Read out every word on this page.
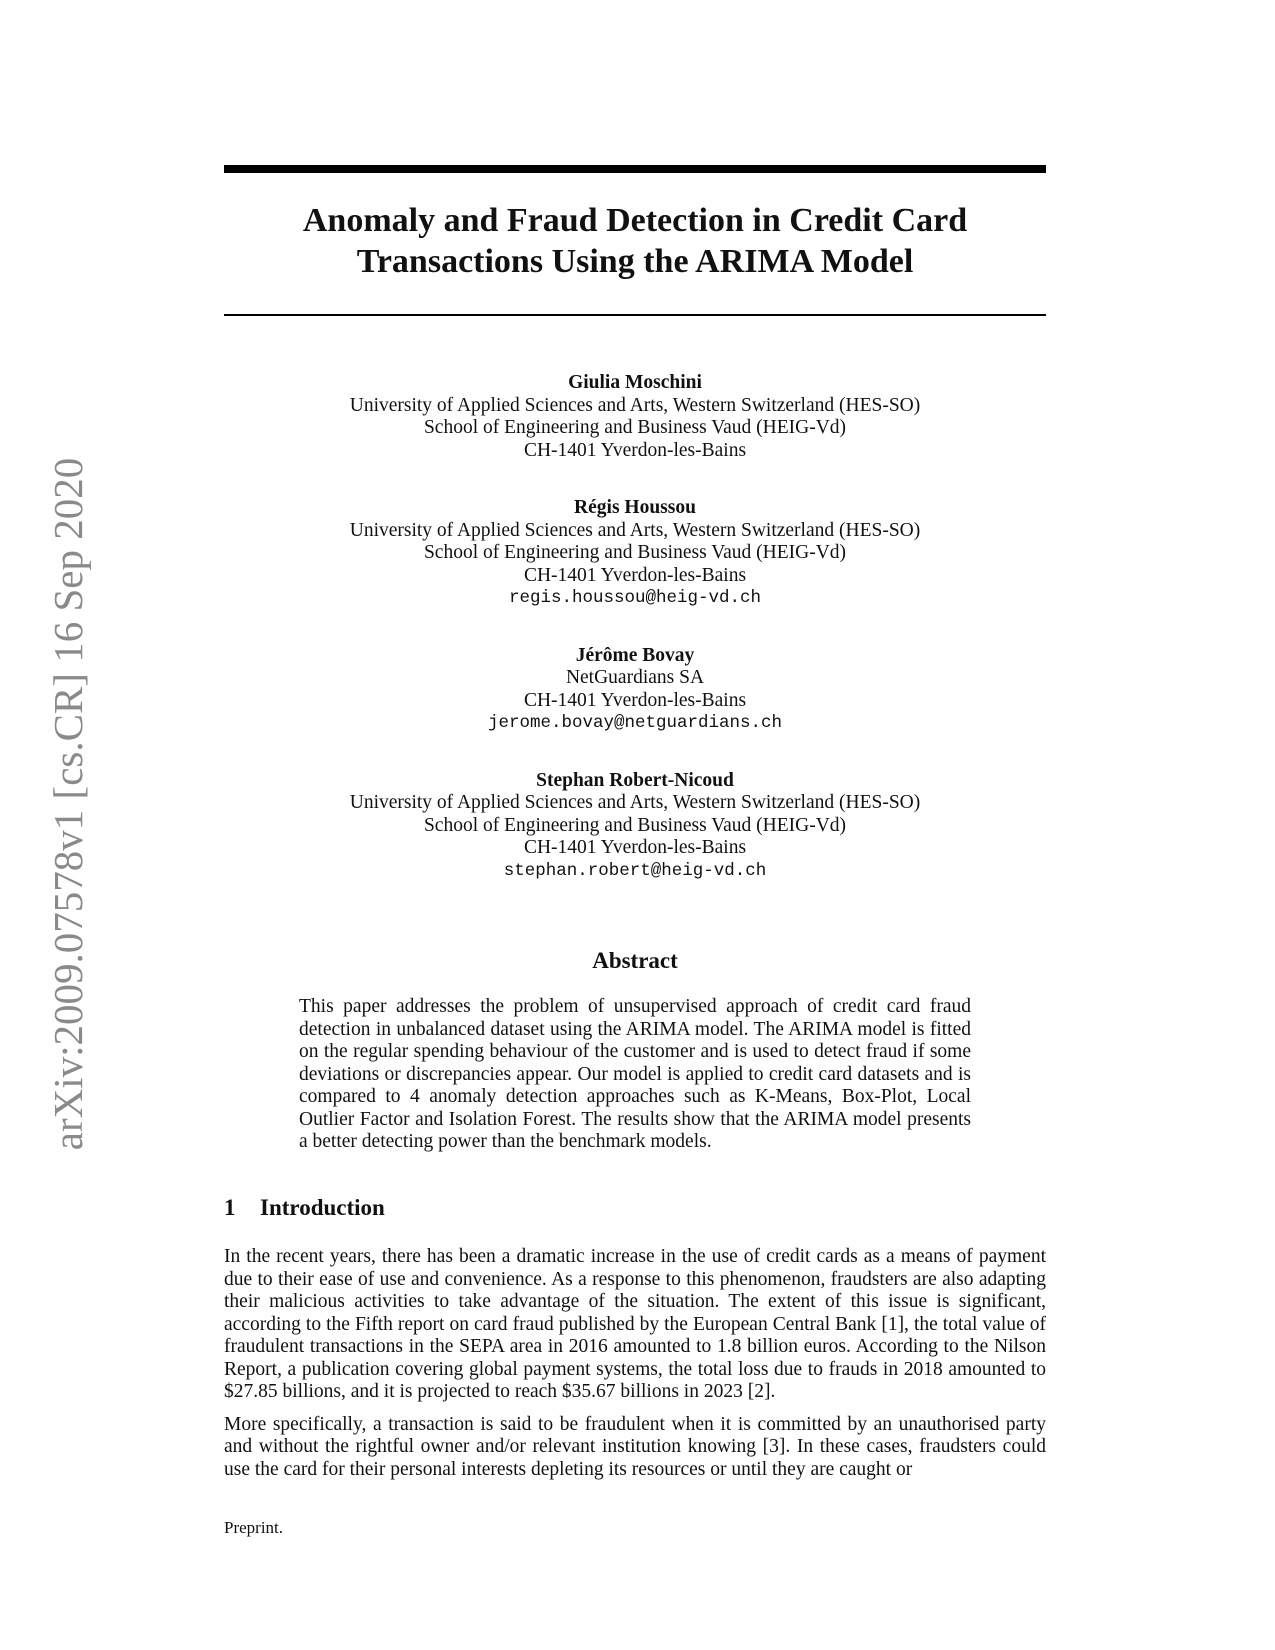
arXiv:2009.07578v1 [cs.CR] 16 Sep 2020
Anomaly and Fraud Detection in Credit Card
Transactions Using the ARIMA Model
Giulia Moschini
University of Applied Sciences and Arts, Western Switzerland (HES-SO)
School of Engineering and Business Vaud (HEIG-Vd)
CH-1401 Yverdon-les-Bains
Régis Houssou
University of Applied Sciences and Arts, Western Switzerland (HES-SO)
School of Engineering and Business Vaud (HEIG-Vd)
CH-1401 Yverdon-les-Bains
regis.houssou@heig-vd.ch
Jérôme Bovay
NetGuardians SA
CH-1401 Yverdon-les-Bains
jerome.bovay@netguardians.ch
Stephan Robert-Nicoud
University of Applied Sciences and Arts, Western Switzerland (HES-SO)
School of Engineering and Business Vaud (HEIG-Vd)
CH-1401 Yverdon-les-Bains
stephan.robert@heig-vd.ch
Abstract
This paper addresses the problem of unsupervised approach of credit card fraud detection in unbalanced dataset using the ARIMA model. The ARIMA model is fitted on the regular spending behaviour of the customer and is used to detect fraud if some deviations or discrepancies appear. Our model is applied to credit card datasets and is compared to 4 anomaly detection approaches such as K-Means, Box-Plot, Local Outlier Factor and Isolation Forest. The results show that the ARIMA model presents a better detecting power than the benchmark models.
1 Introduction

In the recent years, there has been a dramatic increase in the use of credit cards as a means of payment due to their ease of use and convenience. As a response to this phenomenon, fraudsters are also adapting their malicious activities to take advantage of the situation. The extent of this issue is significant, according to the Fifth report on card fraud published by the European Central Bank [1], the total value of fraudulent transactions in the SEPA area in 2016 amounted to 1.8 billion euros. According to the Nilson Report, a publication covering global payment systems, the total loss due to frauds in 2018 amounted to $27.85 billions, and it is projected to reach $35.67 billions in 2023 [2].

More specifically, a transaction is said to be fraudulent when it is committed by an unauthorised party and without the rightful owner and/or relevant institution knowing [3]. In these cases, fraudsters could use the card for their personal interests depleting its resources or until they are caught or

Preprint.
